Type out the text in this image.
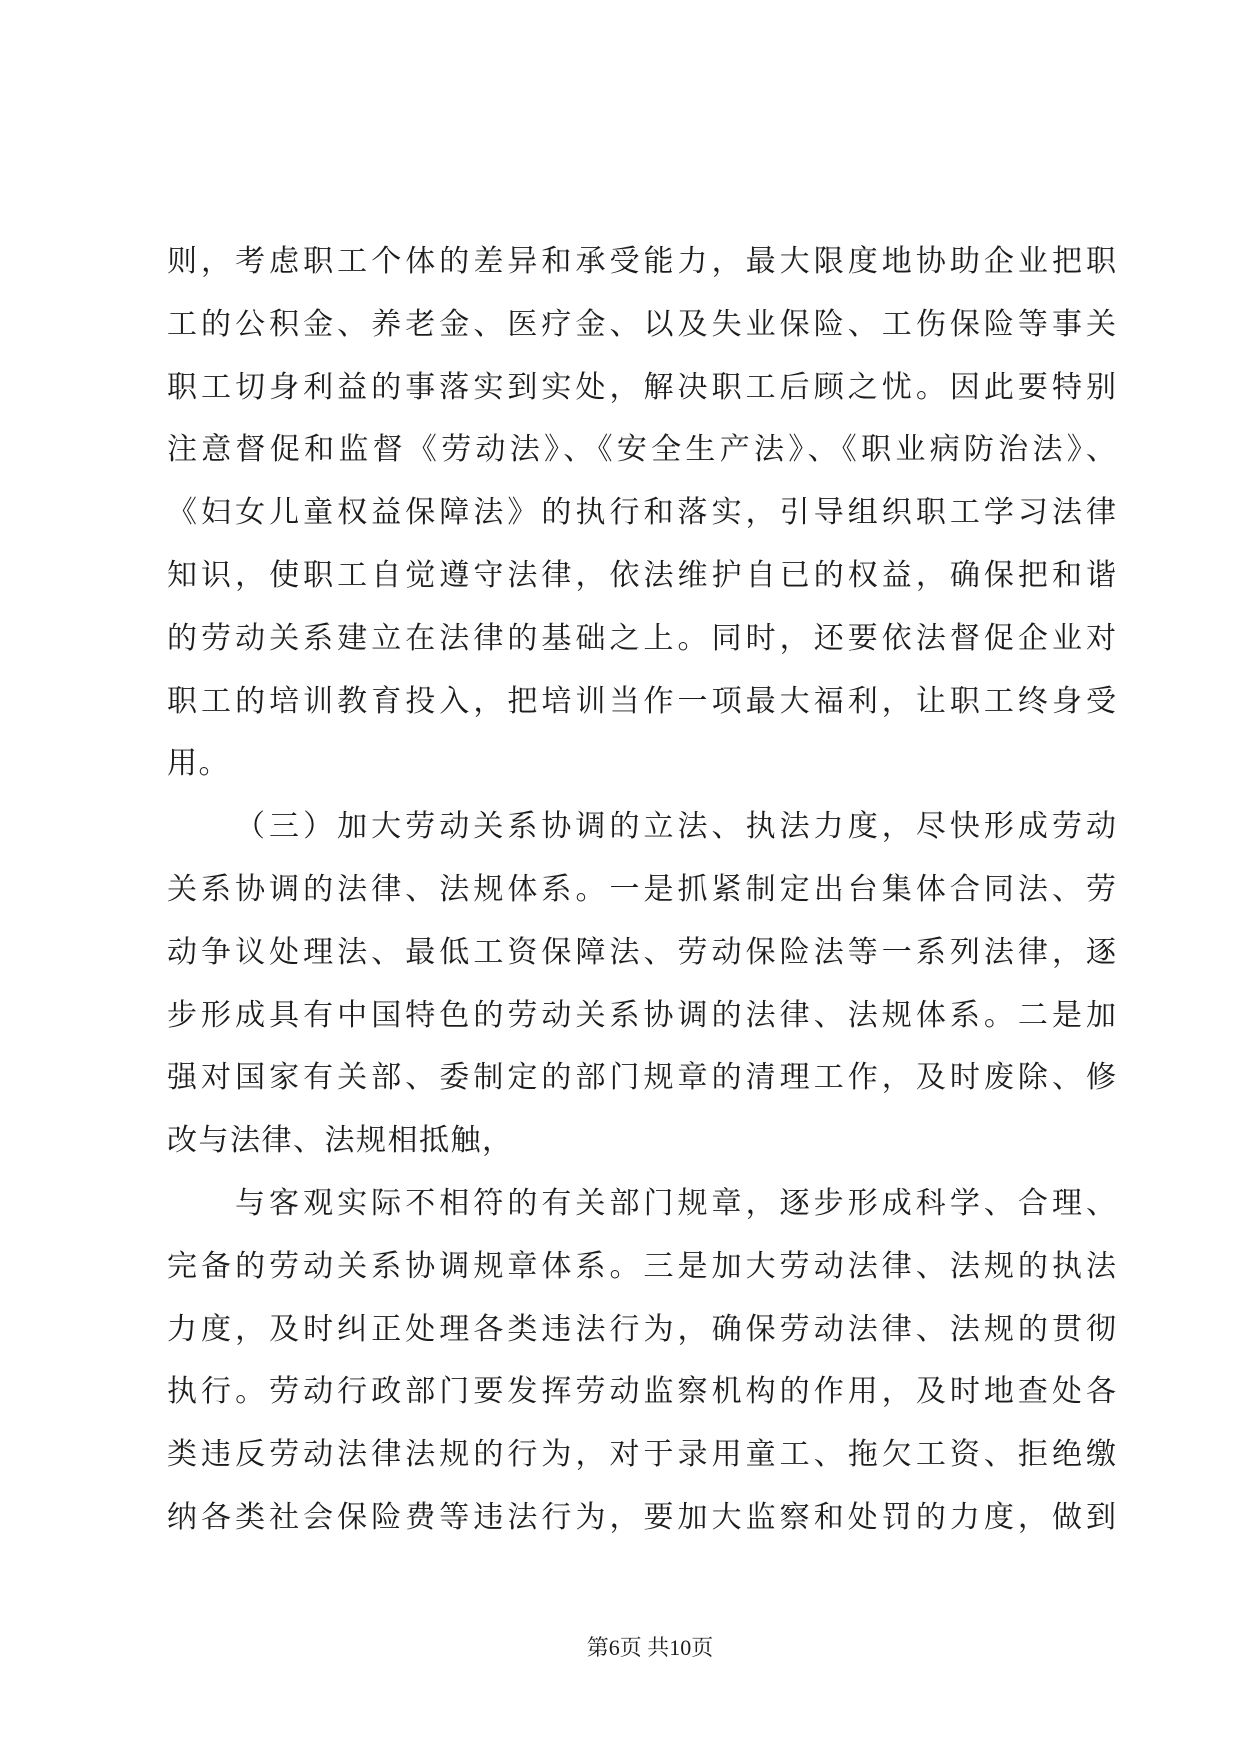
则，考虑职工个体的差异和承受能力，最大限度地协助企业把职
工的公积金、养老金、医疗金、以及失业保险、工伤保险等事关
职工切身利益的事落实到实处，解决职工后顾之忧。因此要特别
注意督促和监督《劳动法》、《安全生产法》、《职业病防治法》、
《妇女儿童权益保障法》的执行和落实，引导组织职工学习法律
知识，使职工自觉遵守法律，依法维护自已的权益，确保把和谐
的劳动关系建立在法律的基础之上。同时，还要依法督促企业对
职工的培训教育投入，把培训当作一项最大福利，让职工终身受
用。
（三）加大劳动关系协调的立法、执法力度，尽快形成劳动
关系协调的法律、法规体系。一是抓紧制定出台集体合同法、劳
动争议处理法、最低工资保障法、劳动保险法等一系列法律，逐
步形成具有中国特色的劳动关系协调的法律、法规体系。二是加
强对国家有关部、委制定的部门规章的清理工作，及时废除、修
改与法律、法规相抵触，
与客观实际不相符的有关部门规章，逐步形成科学、合理、
完备的劳动关系协调规章体系。三是加大劳动法律、法规的执法
力度，及时纠正处理各类违法行为，确保劳动法律、法规的贯彻
执行。劳动行政部门要发挥劳动监察机构的作用，及时地查处各
类违反劳动法律法规的行为，对于录用童工、拖欠工资、拒绝缴
纳各类社会保险费等违法行为，要加大监察和处罚的力度，做到
第6页 共10页
